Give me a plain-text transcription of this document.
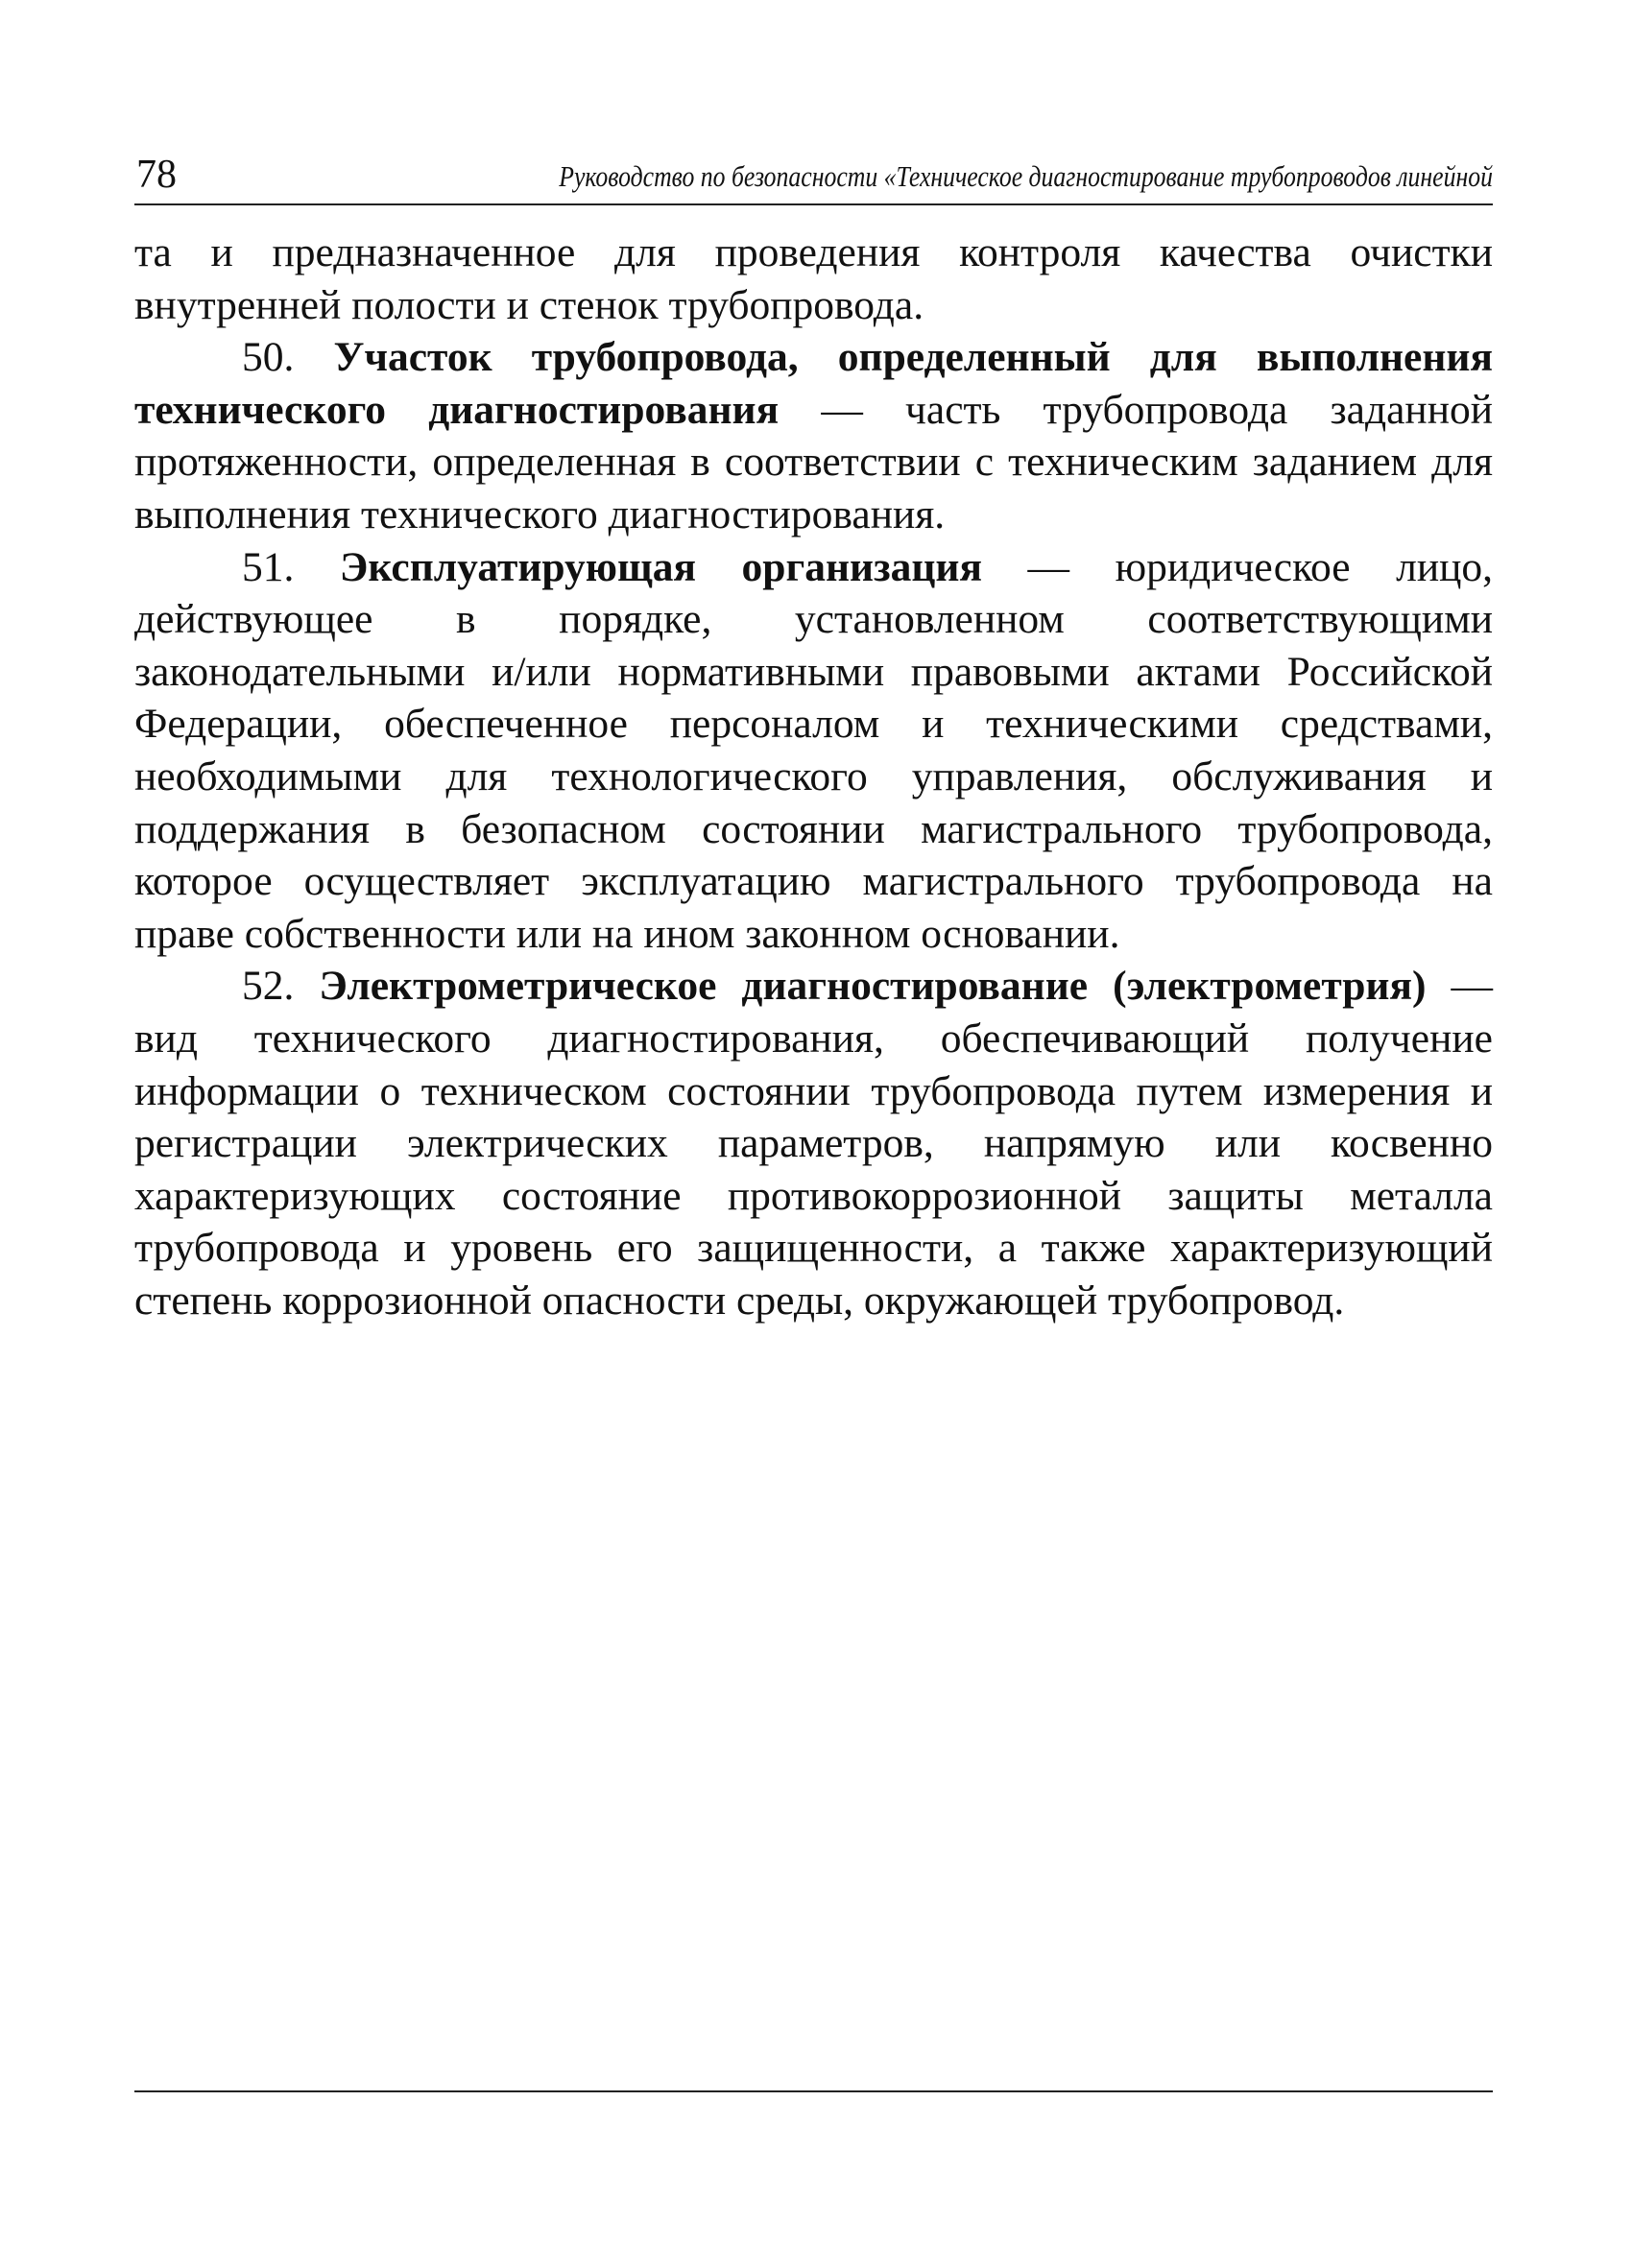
78	Руководство по безопасности «Техническое диагностирование трубопроводов линейной

та и предназначенное для проведения контроля качества очистки внутренней полости и стенок трубопровода.

50. Участок трубопровода, определенный для выполнения технического диагностирования — часть трубопровода заданной протяженности, определенная в соответствии с техническим заданием для выполнения технического диагностирования.

51. Эксплуатирующая организация — юридическое лицо, действующее в порядке, установленном соответствующими законодательными и/или нормативными правовыми актами Российской Федерации, обеспеченное персоналом и техническими средствами, необходимыми для технологического управления, обслуживания и поддержания в безопасном состоянии магистрального трубопровода, которое осуществляет эксплуатацию магистрального трубопровода на праве собственности или на ином законном основании.

52. Электрометрическое диагностирование (электрометрия) — вид технического диагностирования, обеспечивающий получение информации о техническом состоянии трубопровода путем измерения и регистрации электрических параметров, напрямую или косвенно характеризующих состояние противокоррозионной защиты металла трубопровода и уровень его защищенности, а также характеризующий степень коррозионной опасности среды, окружающей трубопровод.
